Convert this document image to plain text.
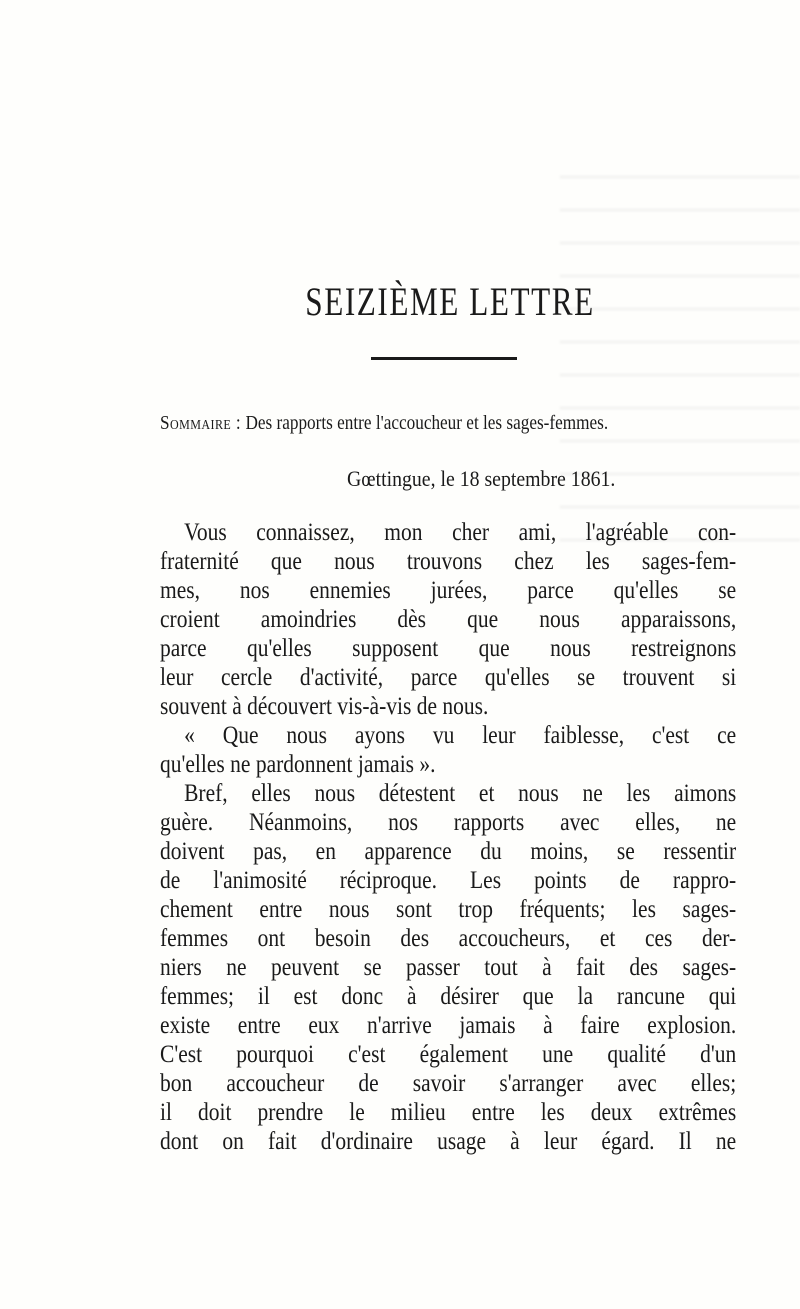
SEIZIÈME LETTRE
Sommaire : Des rapports entre l'accoucheur et les sages-femmes.
Gœttingue, le 18 septembre 1861.
Vous connaissez, mon cher ami, l'agréable con-
fraternité que nous trouvons chez les sages-fem-
mes, nos ennemies jurées, parce qu'elles se
croient amoindries dès que nous apparaissons,
parce qu'elles supposent que nous restreignons
leur cercle d'activité, parce qu'elles se trouvent si
souvent à découvert vis-à-vis de nous.
« Que nous ayons vu leur faiblesse, c'est ce
qu'elles ne pardonnent jamais ».
Bref, elles nous détestent et nous ne les aimons
guère. Néanmoins, nos rapports avec elles, ne
doivent pas, en apparence du moins, se ressentir
de l'animosité réciproque. Les points de rappro-
chement entre nous sont trop fréquents; les sages-
femmes ont besoin des accoucheurs, et ces der-
niers ne peuvent se passer tout à fait des sages-
femmes; il est donc à désirer que la rancune qui
existe entre eux n'arrive jamais à faire explosion.
C'est pourquoi c'est également une qualité d'un
bon accoucheur de savoir s'arranger avec elles;
il doit prendre le milieu entre les deux extrêmes
dont on fait d'ordinaire usage à leur égard. Il ne
